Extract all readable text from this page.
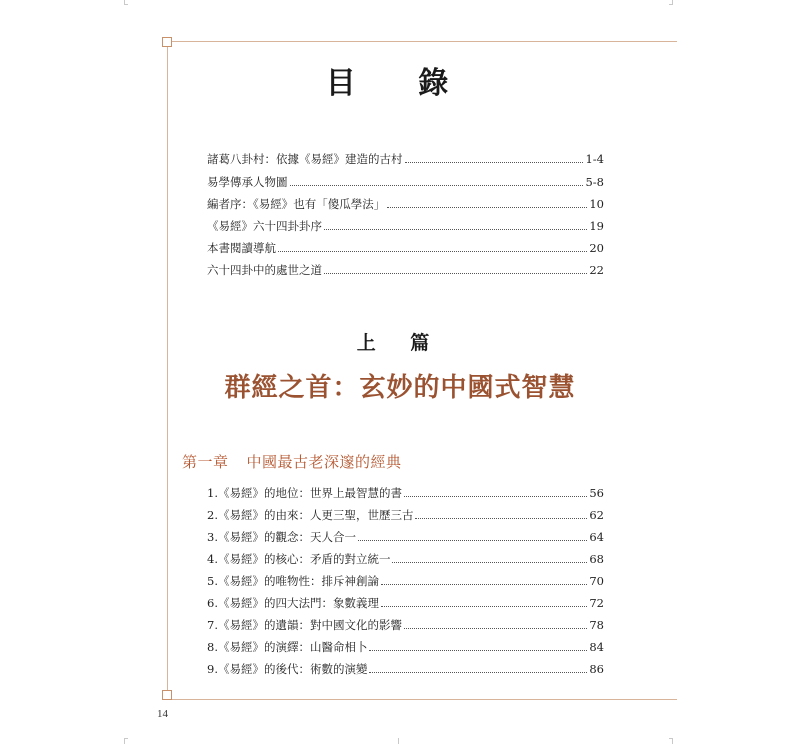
目 錄
諸葛八卦村：依據《易經》建造的古村	1-4
易學傳承人物圖	5-8
編者序：《易經》也有「傻瓜學法」	10
《易經》六十四卦卦序	19
本書閱讀導航	20
六十四卦中的處世之道	22
上 篇
群經之首：玄妙的中國式智慧
第一章 中國最古老深邃的經典
1.《易經》的地位：世界上最智慧的書	56
2.《易經》的由來：人更三聖，世歷三古	62
3.《易經》的觀念：天人合一	64
4.《易經》的核心：矛盾的對立統一	68
5.《易經》的唯物性：排斥神創論	70
6.《易經》的四大法門：象數義理	72
7.《易經》的遺韻：對中國文化的影響	78
8.《易經》的演繹：山醫命相卜	84
9.《易經》的後代：術數的演變	86
14
